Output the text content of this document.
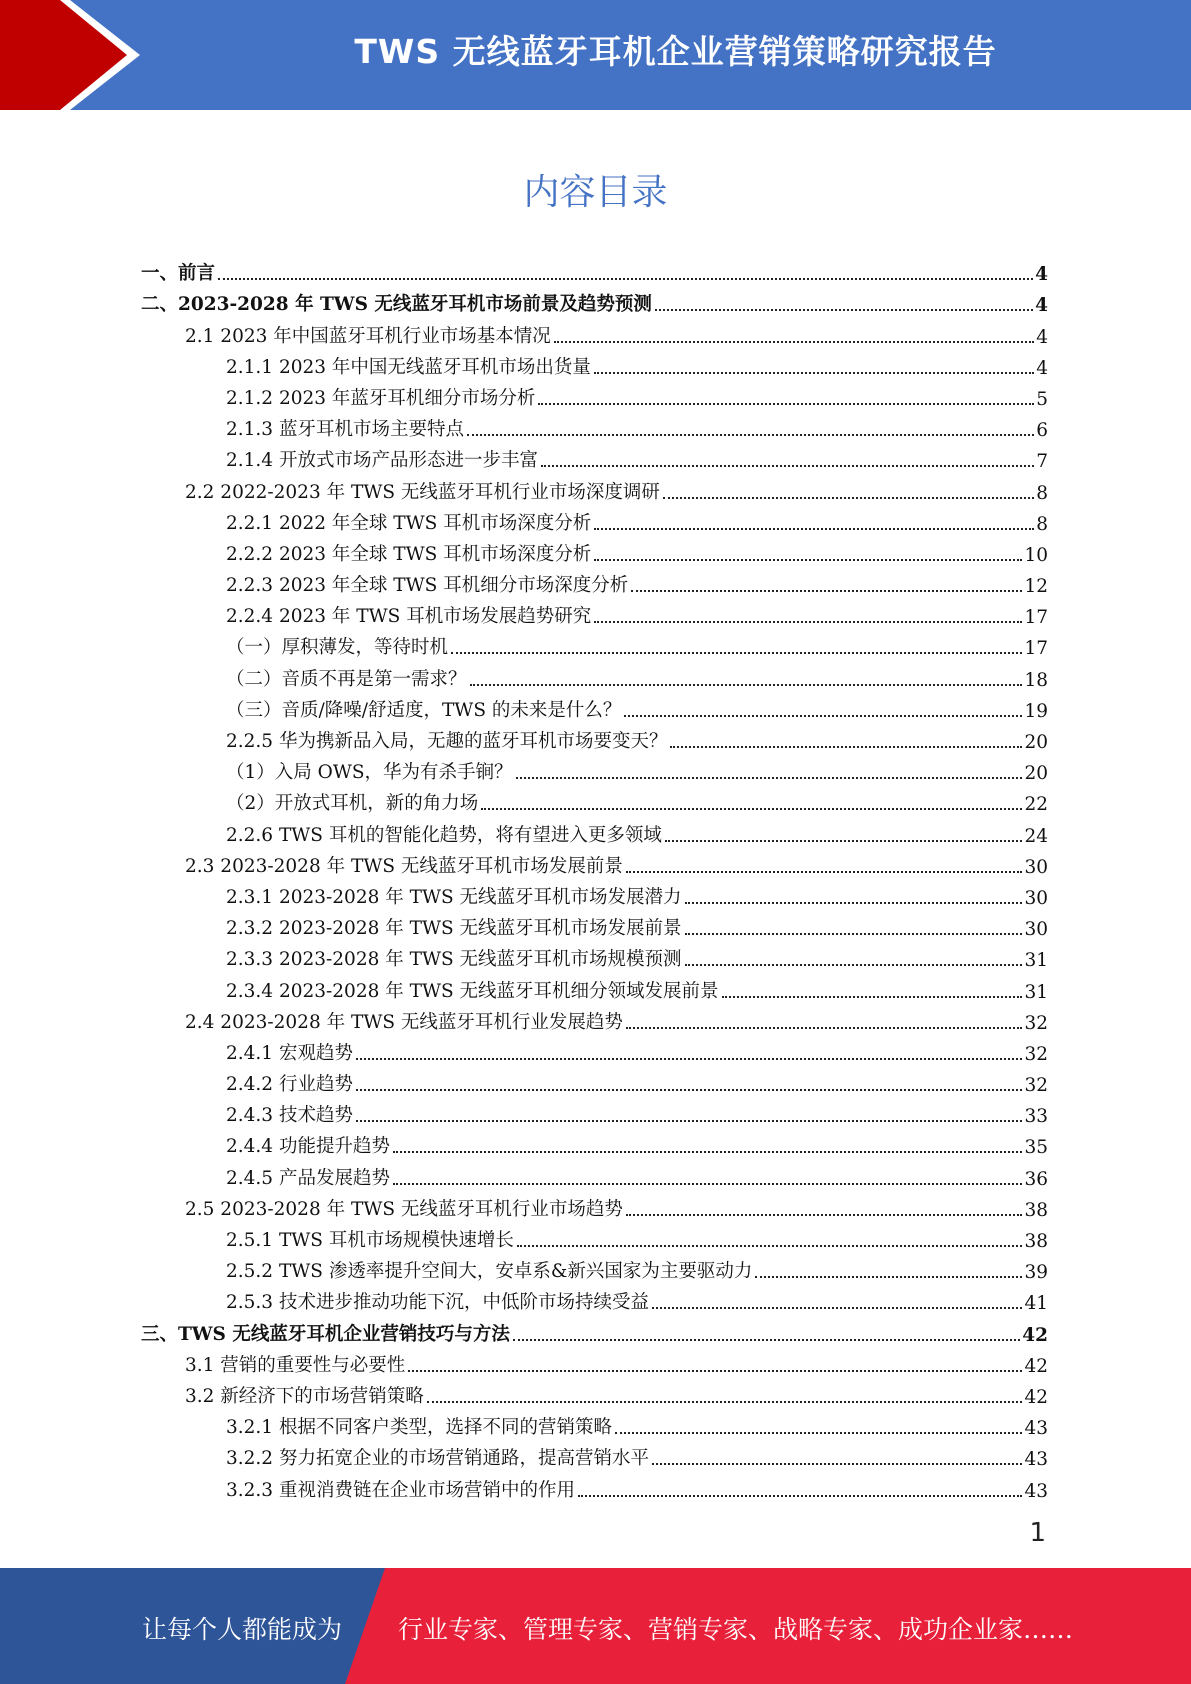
TWS 无线蓝牙耳机企业营销策略研究报告
内容目录
一、前言	4
二、2023-2028 年 TWS 无线蓝牙耳机市场前景及趋势预测	4
2.1 2023 年中国蓝牙耳机行业市场基本情况	4
2.1.1 2023 年中国无线蓝牙耳机市场出货量	4
2.1.2 2023 年蓝牙耳机细分市场分析	5
2.1.3 蓝牙耳机市场主要特点	6
2.1.4 开放式市场产品形态进一步丰富	7
2.2 2022-2023 年 TWS 无线蓝牙耳机行业市场深度调研	8
2.2.1 2022 年全球 TWS 耳机市场深度分析	8
2.2.2 2023 年全球 TWS 耳机市场深度分析	10
2.2.3 2023 年全球 TWS 耳机细分市场深度分析	12
2.2.4 2023 年 TWS 耳机市场发展趋势研究	17
（一）厚积薄发，等待时机	17
（二）音质不再是第一需求？	18
（三）音质/降噪/舒适度，TWS 的未来是什么？	19
2.2.5 华为携新品入局，无趣的蓝牙耳机市场要变天？	20
（1）入局 OWS，华为有杀手锏？	20
（2）开放式耳机，新的角力场	22
2.2.6 TWS 耳机的智能化趋势，将有望进入更多领域	24
2.3 2023-2028 年 TWS 无线蓝牙耳机市场发展前景	30
2.3.1 2023-2028 年 TWS 无线蓝牙耳机市场发展潜力	30
2.3.2 2023-2028 年 TWS 无线蓝牙耳机市场发展前景	30
2.3.3 2023-2028 年 TWS 无线蓝牙耳机市场规模预测	31
2.3.4 2023-2028 年 TWS 无线蓝牙耳机细分领域发展前景	31
2.4 2023-2028 年 TWS 无线蓝牙耳机行业发展趋势	32
2.4.1 宏观趋势	32
2.4.2 行业趋势	32
2.4.3 技术趋势	33
2.4.4 功能提升趋势	35
2.4.5 产品发展趋势	36
2.5 2023-2028 年 TWS 无线蓝牙耳机行业市场趋势	38
2.5.1 TWS 耳机市场规模快速增长	38
2.5.2 TWS 渗透率提升空间大，安卓系&新兴国家为主要驱动力	39
2.5.3 技术进步推动功能下沉，中低阶市场持续受益	41
三、TWS 无线蓝牙耳机企业营销技巧与方法	42
3.1 营销的重要性与必要性	42
3.2 新经济下的市场营销策略	42
3.2.1 根据不同客户类型，选择不同的营销策略	43
3.2.2 努力拓宽企业的市场营销通路，提高营销水平	43
3.2.3 重视消费链在企业市场营销中的作用	43
1
让每个人都能成为 行业专家、管理专家、营销专家、战略专家、成功企业家……
